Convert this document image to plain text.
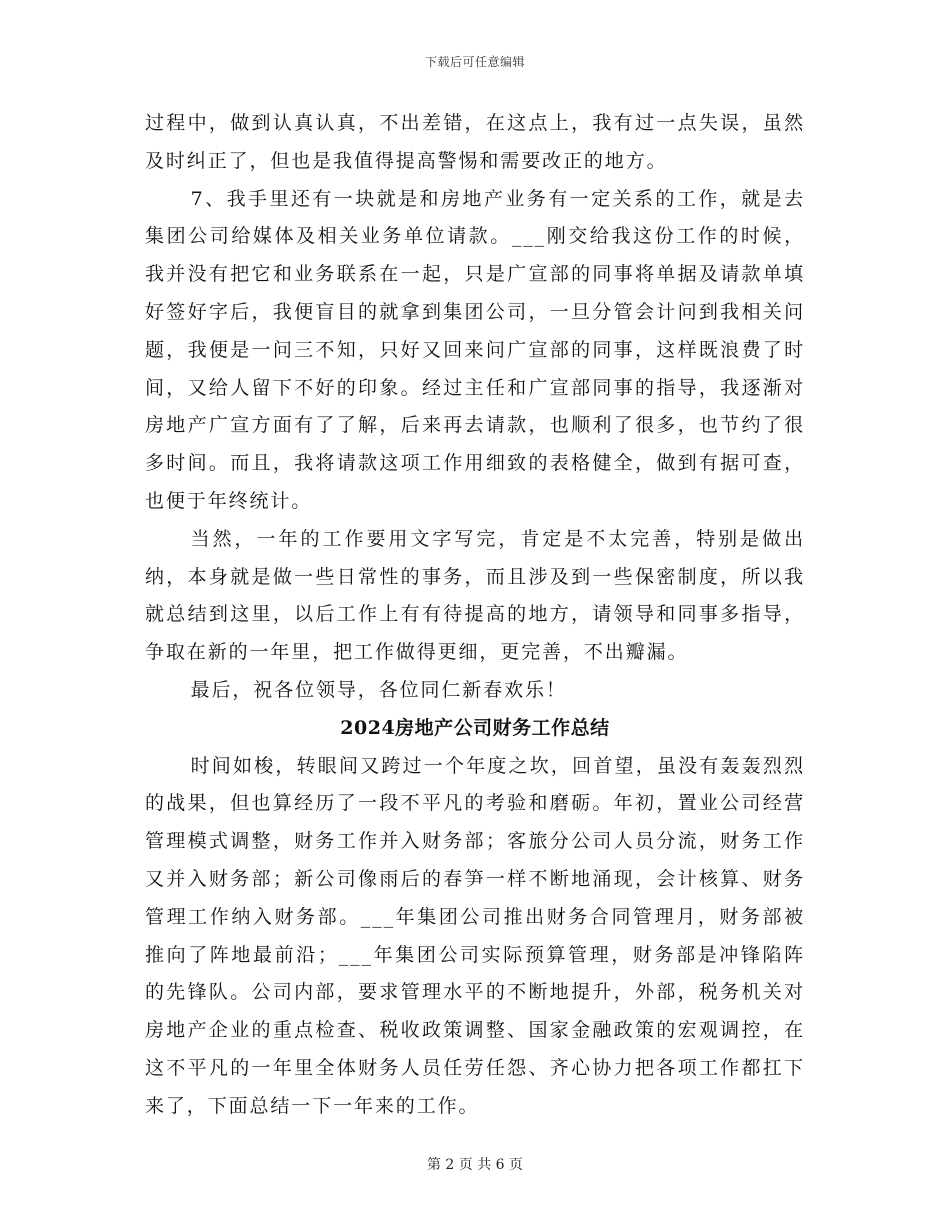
下载后可任意编辑

过程中，做到认真认真，不出差错，在这点上，我有过一点失误，虽然及时纠正了，但也是我值得提高警惕和需要改正的地方。

7、我手里还有一块就是和房地产业务有一定关系的工作，就是去集团公司给媒体及相关业务单位请款。___刚交给我这份工作的时候，我并没有把它和业务联系在一起，只是广宣部的同事将单据及请款单填好签好字后，我便盲目的就拿到集团公司，一旦分管会计问到我相关问题，我便是一问三不知，只好又回来问广宣部的同事，这样既浪费了时间，又给人留下不好的印象。经过主任和广宣部同事的指导，我逐渐对房地产广宣方面有了了解，后来再去请款，也顺利了很多，也节约了很多时间。而且，我将请款这项工作用细致的表格健全，做到有据可查，也便于年终统计。

当然，一年的工作要用文字写完，肯定是不太完善，特别是做出纳，本身就是做一些日常性的事务，而且涉及到一些保密制度，所以我就总结到这里，以后工作上有有待提高的地方，请领导和同事多指导，争取在新的一年里，把工作做得更细，更完善，不出瓣漏。

最后，祝各位领导，各位同仁新春欢乐！

2024房地产公司财务工作总结

时间如梭，转眼间又跨过一个年度之坎，回首望，虽没有轰轰烈烈的战果，但也算经历了一段不平凡的考验和磨砺。年初，置业公司经营管理模式调整，财务工作并入财务部；客旅分公司人员分流，财务工作又并入财务部；新公司像雨后的春笋一样不断地涌现，会计核算、财务管理工作纳入财务部。___年集团公司推出财务合同管理月，财务部被推向了阵地最前沿；___年集团公司实际预算管理，财务部是冲锋陷阵的先锋队。公司内部，要求管理水平的不断地提升，外部，税务机关对房地产企业的重点检查、税收政策调整、国家金融政策的宏观调控，在这不平凡的一年里全体财务人员任劳任怨、齐心协力把各项工作都扛下来了，下面总结一下一年来的工作。

第 2 页 共 6 页
